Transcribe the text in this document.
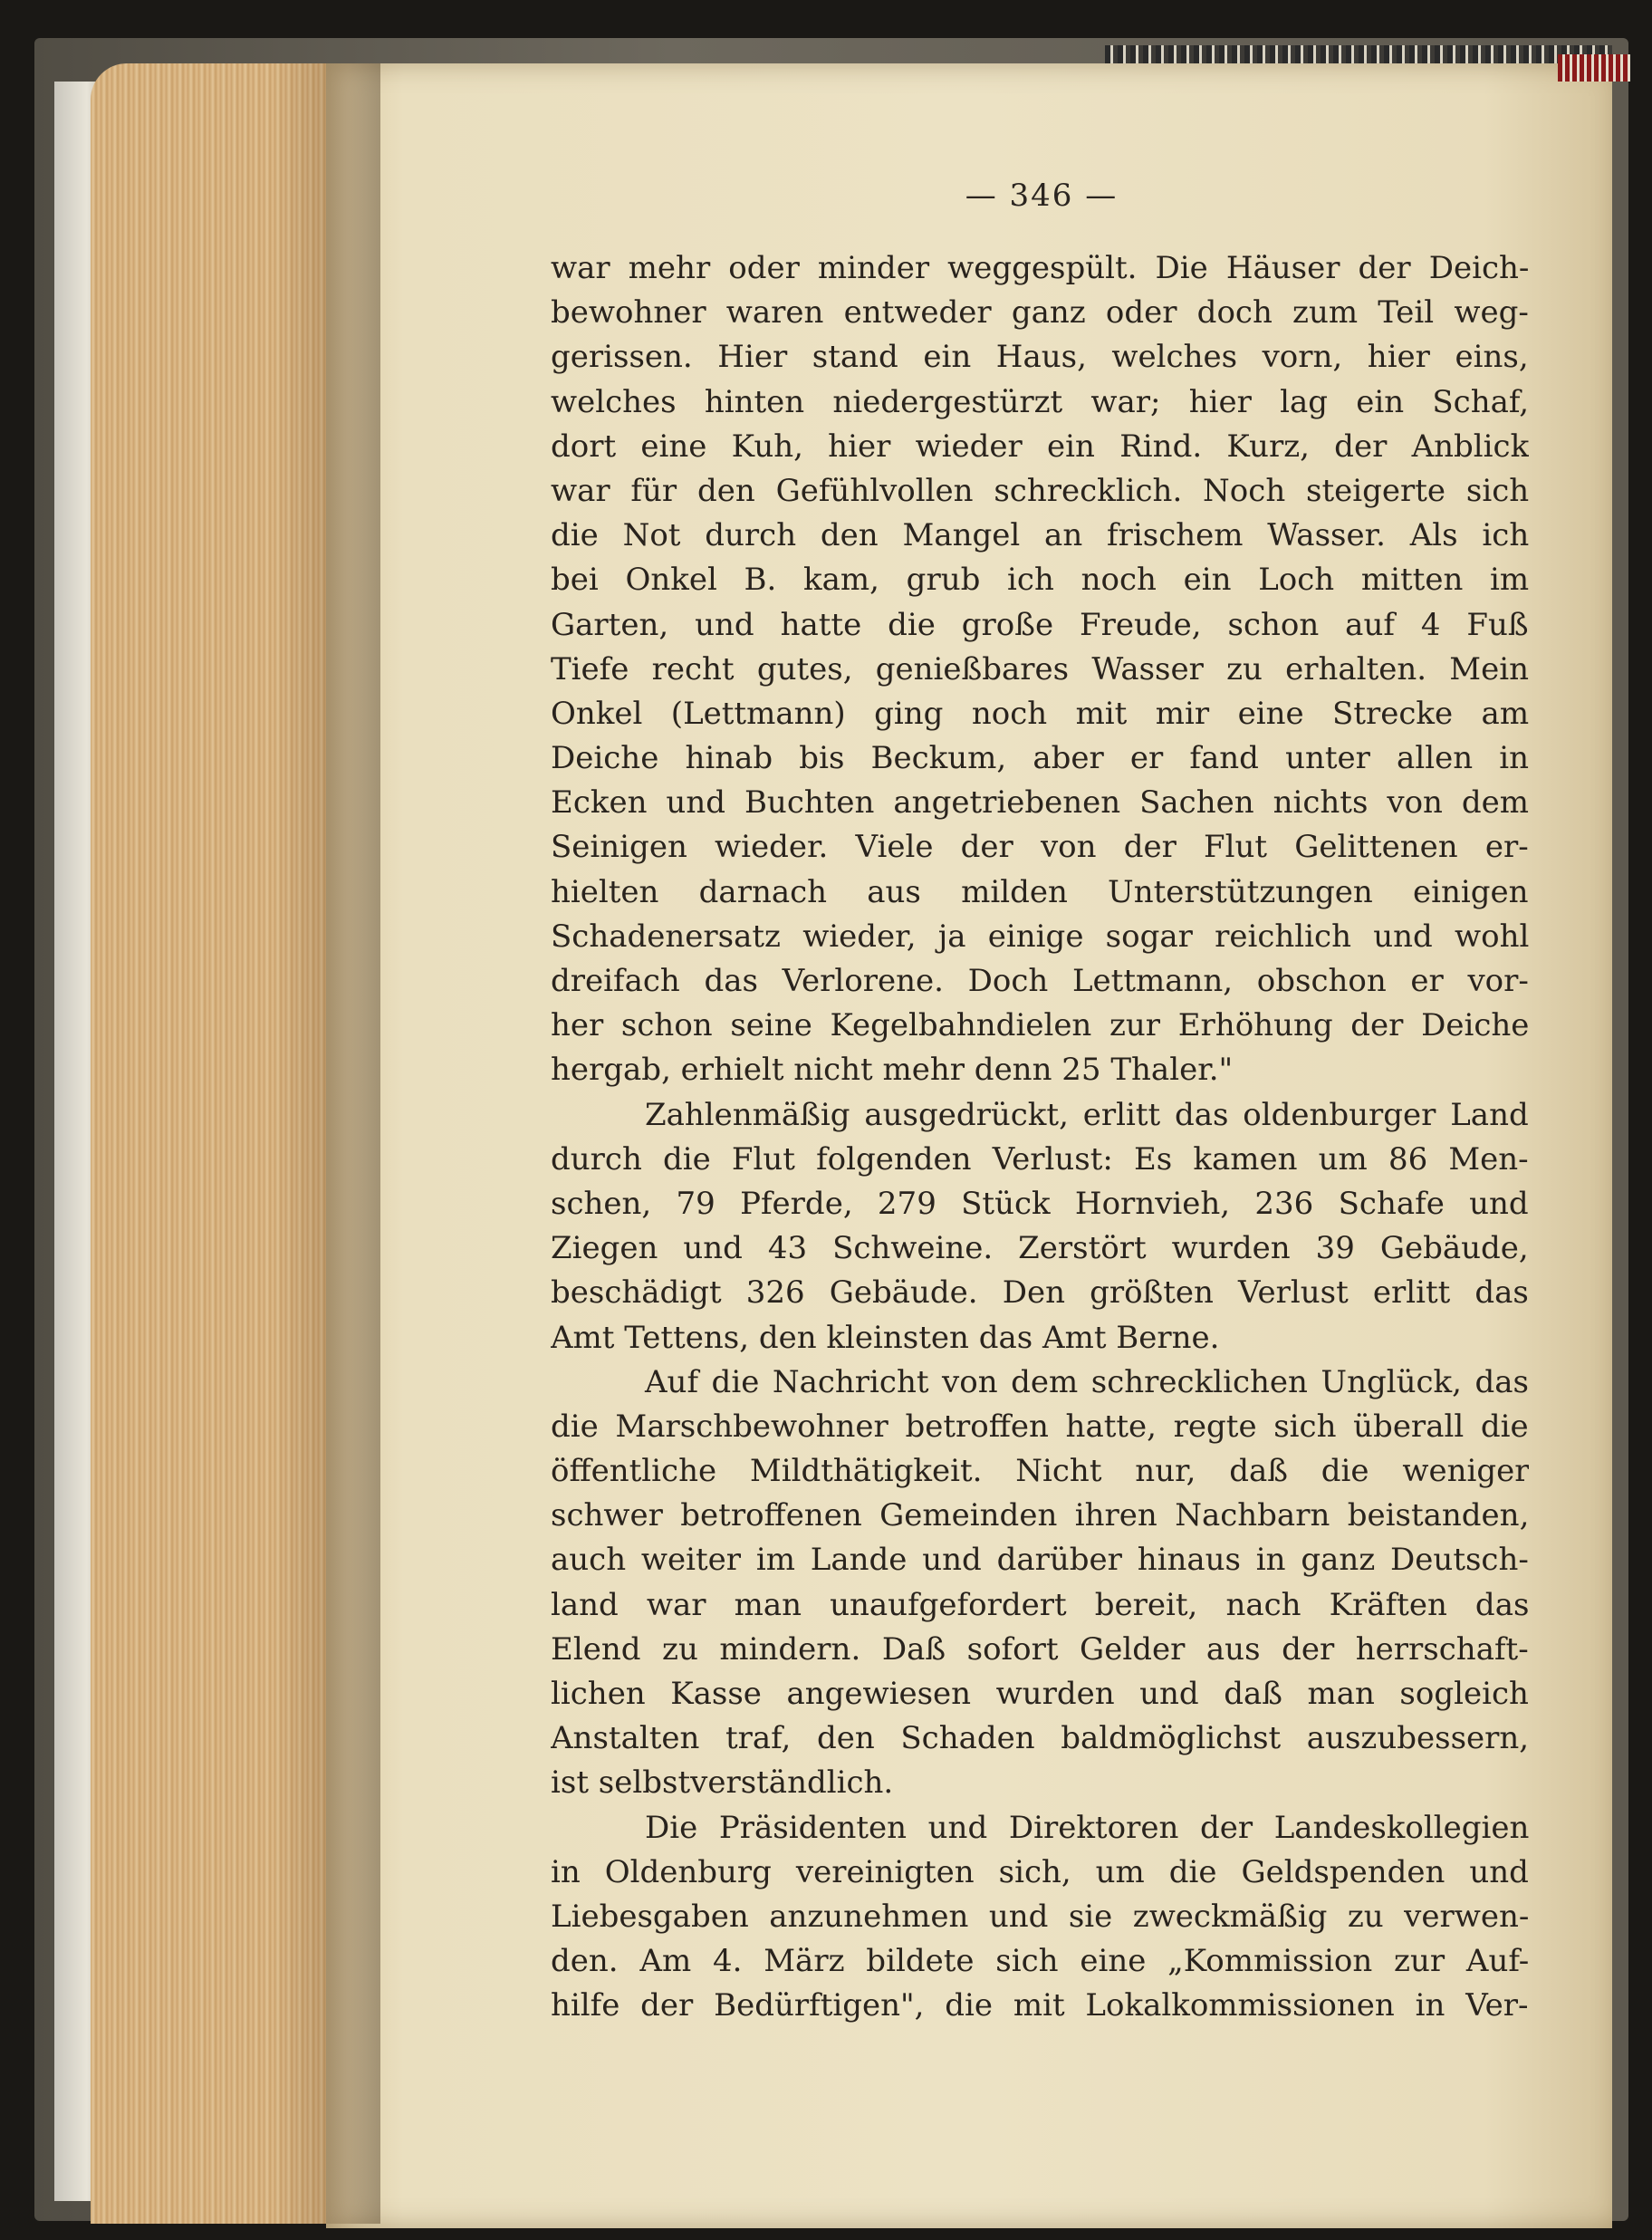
— 346 —
war mehr oder minder weggespült. Die Häuser der Deich-
bewohner waren entweder ganz oder doch zum Teil weg-
gerissen. Hier stand ein Haus, welches vorn, hier eins,
welches hinten niedergestürzt war; hier lag ein Schaf,
dort eine Kuh, hier wieder ein Rind. Kurz, der Anblick
war für den Gefühlvollen schrecklich. Noch steigerte sich
die Not durch den Mangel an frischem Wasser. Als ich
bei Onkel B. kam, grub ich noch ein Loch mitten im
Garten, und hatte die große Freude, schon auf 4 Fuß
Tiefe recht gutes, genießbares Wasser zu erhalten. Mein
Onkel (Lettmann) ging noch mit mir eine Strecke am
Deiche hinab bis Beckum, aber er fand unter allen in
Ecken und Buchten angetriebenen Sachen nichts von dem
Seinigen wieder. Viele der von der Flut Gelittenen er-
hielten darnach aus milden Unterstützungen einigen
Schadenersatz wieder, ja einige sogar reichlich und wohl
dreifach das Verlorene. Doch Lettmann, obschon er vor-
her schon seine Kegelbahndielen zur Erhöhung der Deiche
hergab, erhielt nicht mehr denn 25 Thaler."
Zahlenmäßig ausgedrückt, erlitt das oldenburger Land
durch die Flut folgenden Verlust: Es kamen um 86 Men-
schen, 79 Pferde, 279 Stück Hornvieh, 236 Schafe und
Ziegen und 43 Schweine. Zerstört wurden 39 Gebäude,
beschädigt 326 Gebäude. Den größten Verlust erlitt das
Amt Tettens, den kleinsten das Amt Berne.
Auf die Nachricht von dem schrecklichen Unglück, das
die Marschbewohner betroffen hatte, regte sich überall die
öffentliche Mildthätigkeit. Nicht nur, daß die weniger
schwer betroffenen Gemeinden ihren Nachbarn beistanden,
auch weiter im Lande und darüber hinaus in ganz Deutsch-
land war man unaufgefordert bereit, nach Kräften das
Elend zu mindern. Daß sofort Gelder aus der herrschaft-
lichen Kasse angewiesen wurden und daß man sogleich
Anstalten traf, den Schaden baldmöglichst auszubessern,
ist selbstverständlich.
Die Präsidenten und Direktoren der Landeskollegien
in Oldenburg vereinigten sich, um die Geldspenden und
Liebesgaben anzunehmen und sie zweckmäßig zu verwen-
den. Am 4. März bildete sich eine „Kommission zur Auf-
hilfe der Bedürftigen", die mit Lokalkommissionen in Ver-
